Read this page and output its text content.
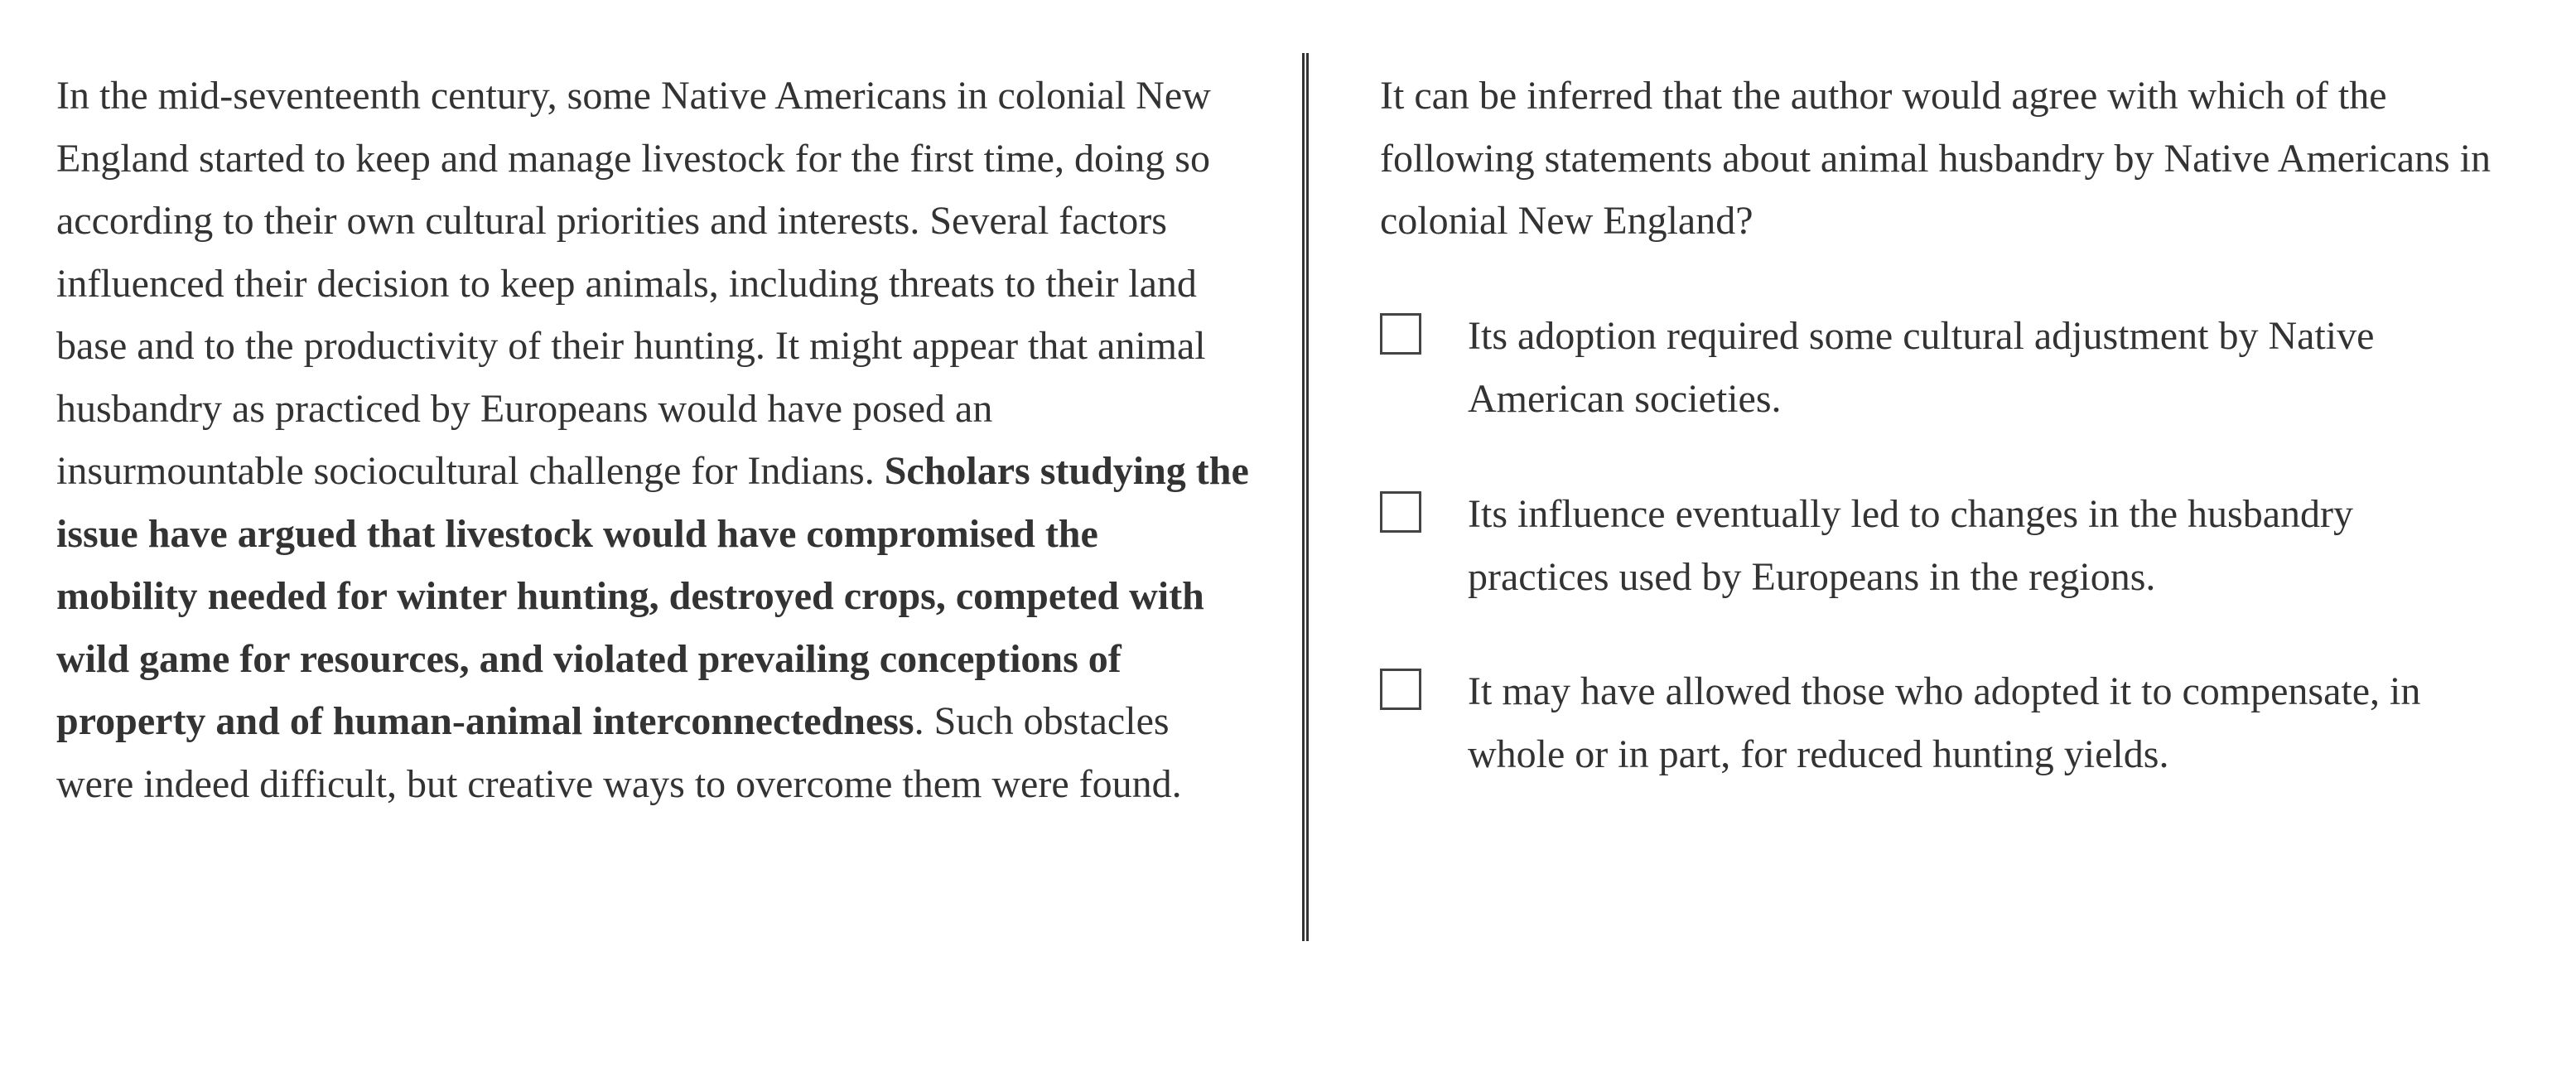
In the mid-seventeenth century, some Native Americans in colonial New England started to keep and manage livestock for the first time, doing so according to their own cultural priorities and interests. Several factors influenced their decision to keep animals, including threats to their land base and to the productivity of their hunting. It might appear that animal husbandry as practiced by Europeans would have posed an insurmountable sociocultural challenge for Indians. Scholars studying the issue have argued that livestock would have compromised the mobility needed for winter hunting, destroyed crops, competed with wild game for resources, and violated prevailing conceptions of property and of human-animal interconnectedness. Such obstacles were indeed difficult, but creative ways to overcome them were found.

It can be inferred that the author would agree with which of the following statements about animal husbandry by Native Americans in colonial New England?

Its adoption required some cultural adjustment by Native American societies.
Its influence eventually led to changes in the husbandry practices used by Europeans in the regions.
It may have allowed those who adopted it to compensate, in whole or in part, for reduced hunting yields.
